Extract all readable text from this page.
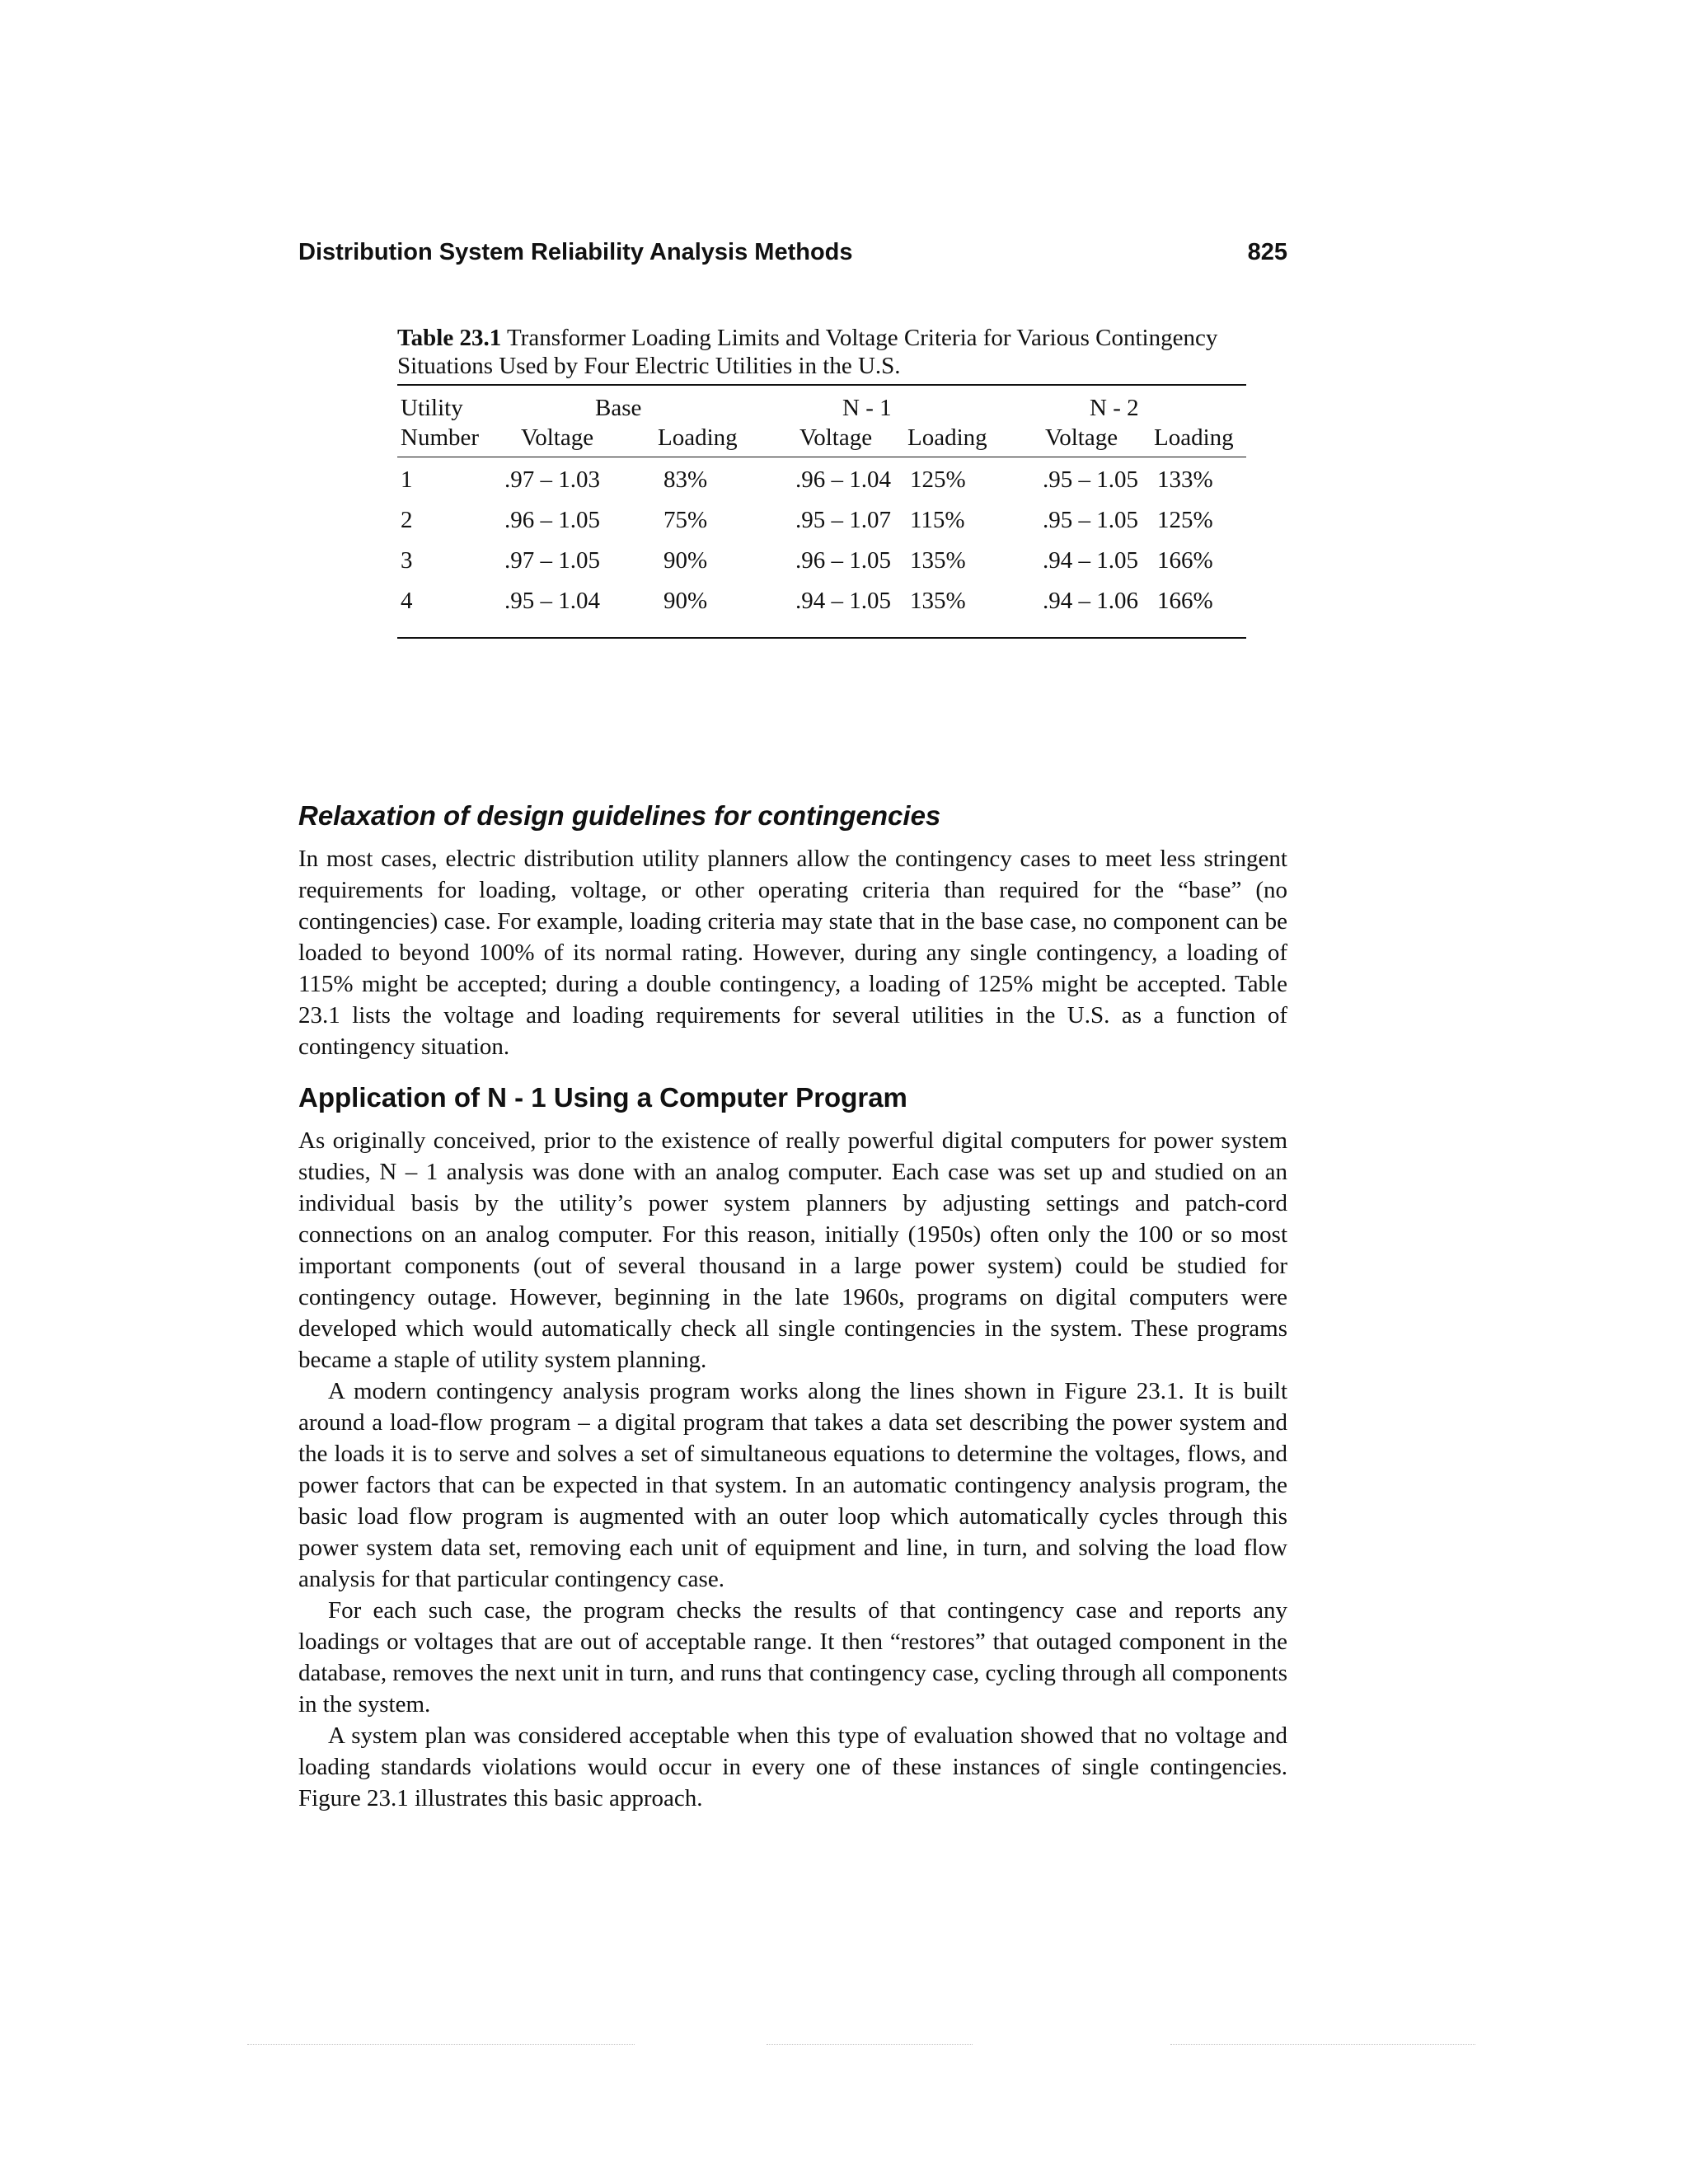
Distribution System Reliability Analysis Methods	825
Table 23.1 Transformer Loading Limits and Voltage Criteria for Various Contingency Situations Used by Four Electric Utilities in the U.S.
Utility	Base	N - 1	N - 2
Number Voltage	Loading	Voltage Loading Voltage Loading
1	.97 – 1.03	83%	.96 – 1.04 125%	.95 – 1.05 133%
2	.96 – 1.05	75%	.95 – 1.07 115%	.95 – 1.05 125%
3	.97 – 1.05	90%	.96 – 1.05 135%	.94 – 1.05 166%
4	.95 – 1.04	90%	.94 – 1.05 135%	.94 – 1.06 166%
Relaxation of design guidelines for contingencies

In most cases, electric distribution utility planners allow the contingency cases to meet less stringent requirements for loading, voltage, or other operating criteria than required for the “base” (no contingencies) case. For example, loading criteria may state that in the base case, no component can be loaded to beyond 100% of its normal rating. However, during any single contingency, a loading of 115% might be accepted; during a double contingency, a loading of 125% might be accepted. Table 23.1 lists the voltage and loading requirements for several utilities in the U.S. as a function of contingency situation.

Application of N - 1 Using a Computer Program

As originally conceived, prior to the existence of really powerful digital computers for power system studies, N – 1 analysis was done with an analog computer. Each case was set up and studied on an individual basis by the utility’s power system planners by adjusting settings and patch-cord connections on an analog computer. For this reason, initially (1950s) often only the 100 or so most important components (out of several thousand in a large power system) could be studied for contingency outage. However, beginning in the late 1960s, programs on digital computers were developed which would automatically check all single contingencies in the system. These programs became a staple of utility system planning.

A modern contingency analysis program works along the lines shown in Figure 23.1. It is built around a load-flow program – a digital program that takes a data set describing the power system and the loads it is to serve and solves a set of simultaneous equations to determine the voltages, flows, and power factors that can be expected in that system. In an automatic contingency analysis program, the basic load flow program is augmented with an outer loop which automatically cycles through this power system data set, removing each unit of equipment and line, in turn, and solving the load flow analysis for that particular contingency case.

For each such case, the program checks the results of that contingency case and reports any loadings or voltages that are out of acceptable range. It then “restores” that outaged component in the database, removes the next unit in turn, and runs that contingency case, cycling through all components in the system.

A system plan was considered acceptable when this type of evaluation showed that no voltage and loading standards violations would occur in every one of these instances of single contingencies. Figure 23.1 illustrates this basic approach.
